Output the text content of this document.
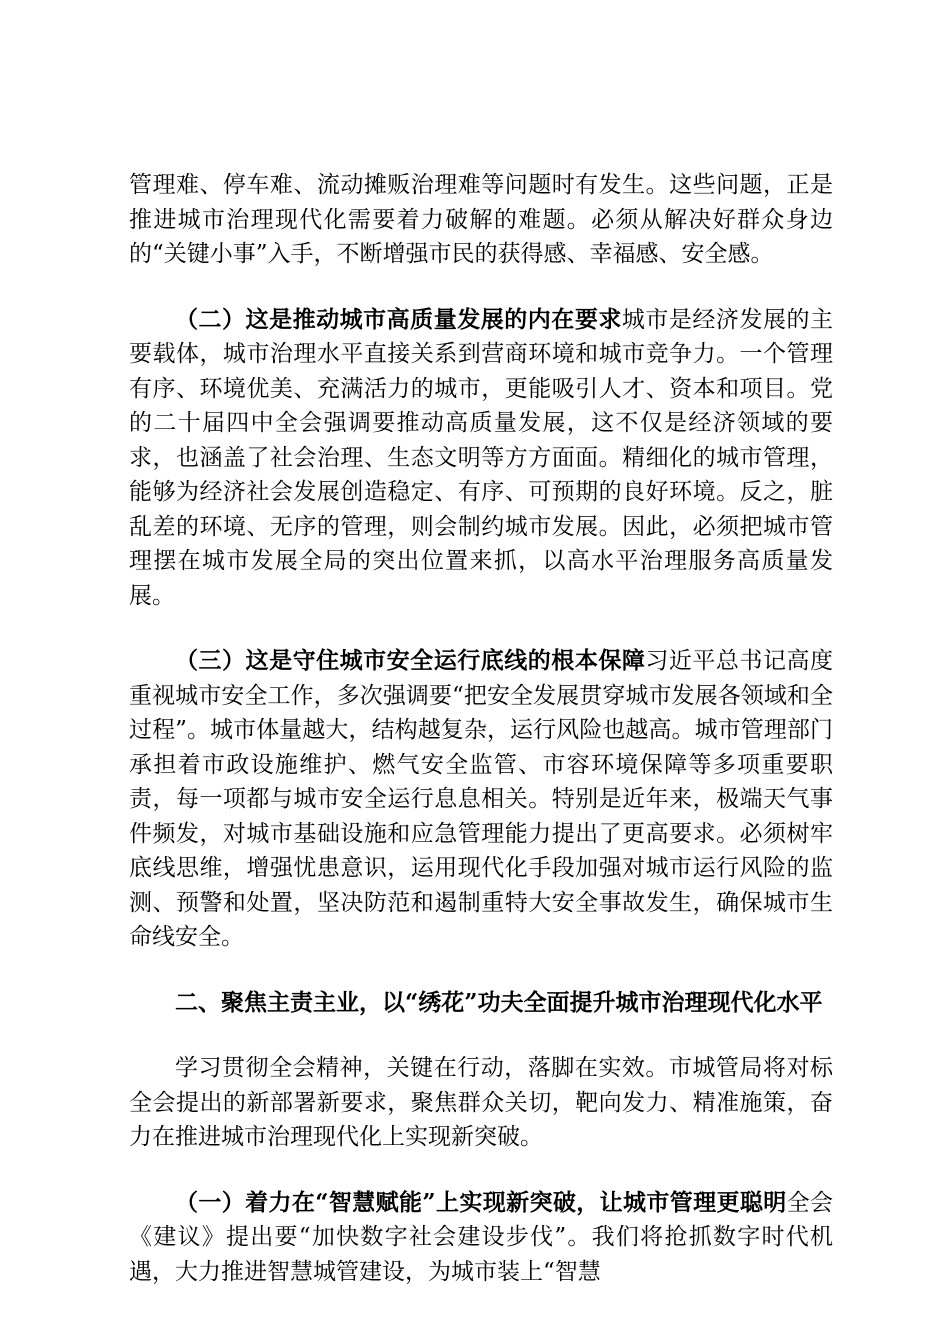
管理难、停车难、流动摊贩治理难等问题时有发生。这些问题，正是推进城市治理现代化需要着力破解的难题。必须从解决好群众身边的“关键小事”入手，不断增强市民的获得感、幸福感、安全感。

（二）这是推动城市高质量发展的内在要求城市是经济发展的主要载体，城市治理水平直接关系到营商环境和城市竞争力。一个管理有序、环境优美、充满活力的城市，更能吸引人才、资本和项目。党的二十届四中全会强调要推动高质量发展，这不仅是经济领域的要求，也涵盖了社会治理、生态文明等方方面面。精细化的城市管理，能够为经济社会发展创造稳定、有序、可预期的良好环境。反之，脏乱差的环境、无序的管理，则会制约城市发展。因此，必须把城市管理摆在城市发展全局的突出位置来抓，以高水平治理服务高质量发展。

（三）这是守住城市安全运行底线的根本保障习近平总书记高度重视城市安全工作，多次强调要“把安全发展贯穿城市发展各领域和全过程”。城市体量越大，结构越复杂，运行风险也越高。城市管理部门承担着市政设施维护、燃气安全监管、市容环境保障等多项重要职责，每一项都与城市安全运行息息相关。特别是近年来，极端天气事件频发，对城市基础设施和应急管理能力提出了更高要求。必须树牢底线思维，增强忧患意识，运用现代化手段加强对城市运行风险的监测、预警和处置，坚决防范和遏制重特大安全事故发生，确保城市生命线安全。

二、聚焦主责主业，以“绣花”功夫全面提升城市治理现代化水平

学习贯彻全会精神，关键在行动，落脚在实效。市城管局将对标全会提出的新部署新要求，聚焦群众关切，靶向发力、精准施策，奋力在推进城市治理现代化上实现新突破。

（一）着力在“智慧赋能”上实现新突破，让城市管理更聪明全会《建议》提出要“加快数字社会建设步伐”。我们将抢抓数字时代机遇，大力推进智慧城管建设，为城市装上“智慧
